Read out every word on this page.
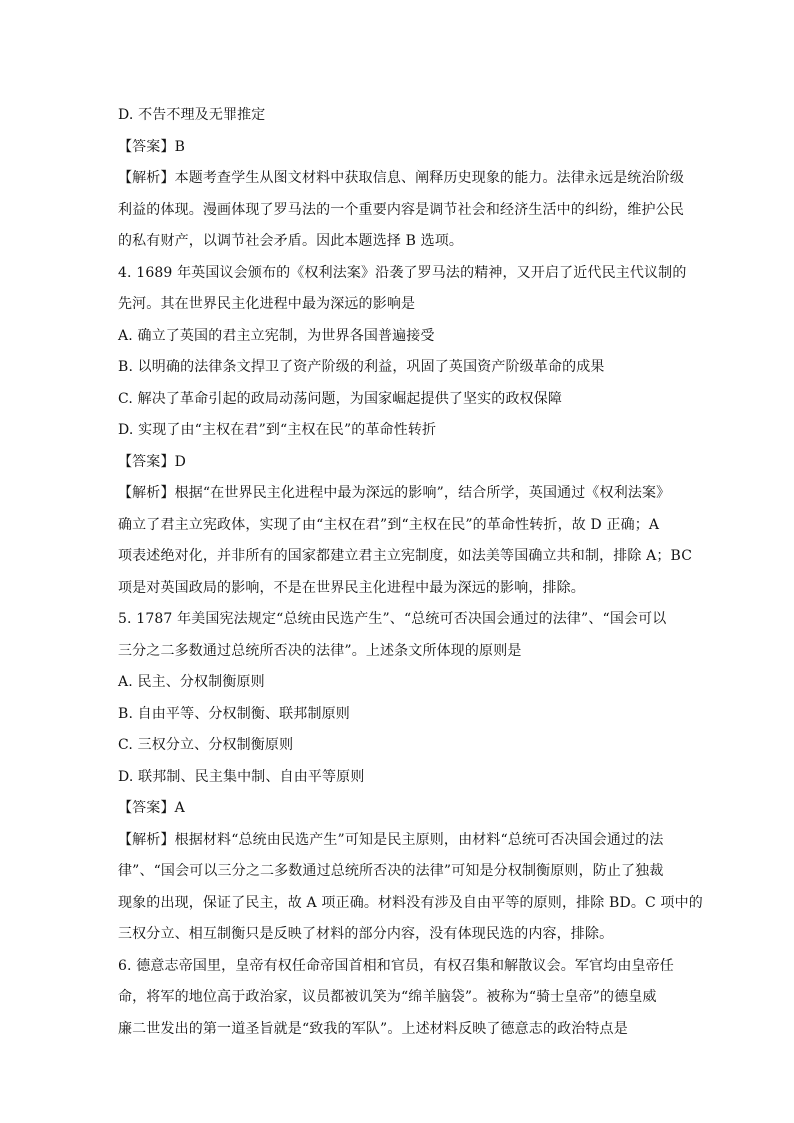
D. 不告不理及无罪推定
【答案】B
【解析】本题考查学生从图文材料中获取信息、阐释历史现象的能力。法律永远是统治阶级
利益的体现。漫画体现了罗马法的一个重要内容是调节社会和经济生活中的纠纷，维护公民
的私有财产，以调节社会矛盾。因此本题选择 B 选项。
4. 1689 年英国议会颁布的《权利法案》沿袭了罗马法的精神，又开启了近代民主代议制的
先河。其在世界民主化进程中最为深远的影响是
A. 确立了英国的君主立宪制，为世界各国普遍接受
B. 以明确的法律条文捍卫了资产阶级的利益，巩固了英国资产阶级革命的成果
C. 解决了革命引起的政局动荡问题，为国家崛起提供了坚实的政权保障
D. 实现了由“主权在君”到“主权在民”的革命性转折
【答案】D
【解析】根据“在世界民主化进程中最为深远的影响”，结合所学，英国通过《权利法案》
确立了君主立宪政体，实现了由“主权在君”到“主权在民”的革命性转折，故 D 正确；A
项表述绝对化，并非所有的国家都建立君主立宪制度，如法美等国确立共和制，排除 A；BC
项是对英国政局的影响，不是在世界民主化进程中最为深远的影响，排除。
5. 1787 年美国宪法规定“总统由民选产生”、“总统可否决国会通过的法律”、“国会可以
三分之二多数通过总统所否决的法律”。上述条文所体现的原则是
A. 民主、分权制衡原则
B. 自由平等、分权制衡、联邦制原则
C. 三权分立、分权制衡原则
D. 联邦制、民主集中制、自由平等原则
【答案】A
【解析】根据材料“总统由民选产生”可知是民主原则，由材料“总统可否决国会通过的法
律”、“国会可以三分之二多数通过总统所否决的法律”可知是分权制衡原则，防止了独裁
现象的出现，保证了民主，故 A 项正确。材料没有涉及自由平等的原则，排除 BD。C 项中的
三权分立、相互制衡只是反映了材料的部分内容，没有体现民选的内容，排除。
6. 德意志帝国里，皇帝有权任命帝国首相和官员，有权召集和解散议会。军官均由皇帝任
命，将军的地位高于政治家，议员都被讥笑为“绵羊脑袋”。被称为“骑士皇帝”的德皇威
廉二世发出的第一道圣旨就是“致我的军队”。上述材料反映了德意志的政治特点是
